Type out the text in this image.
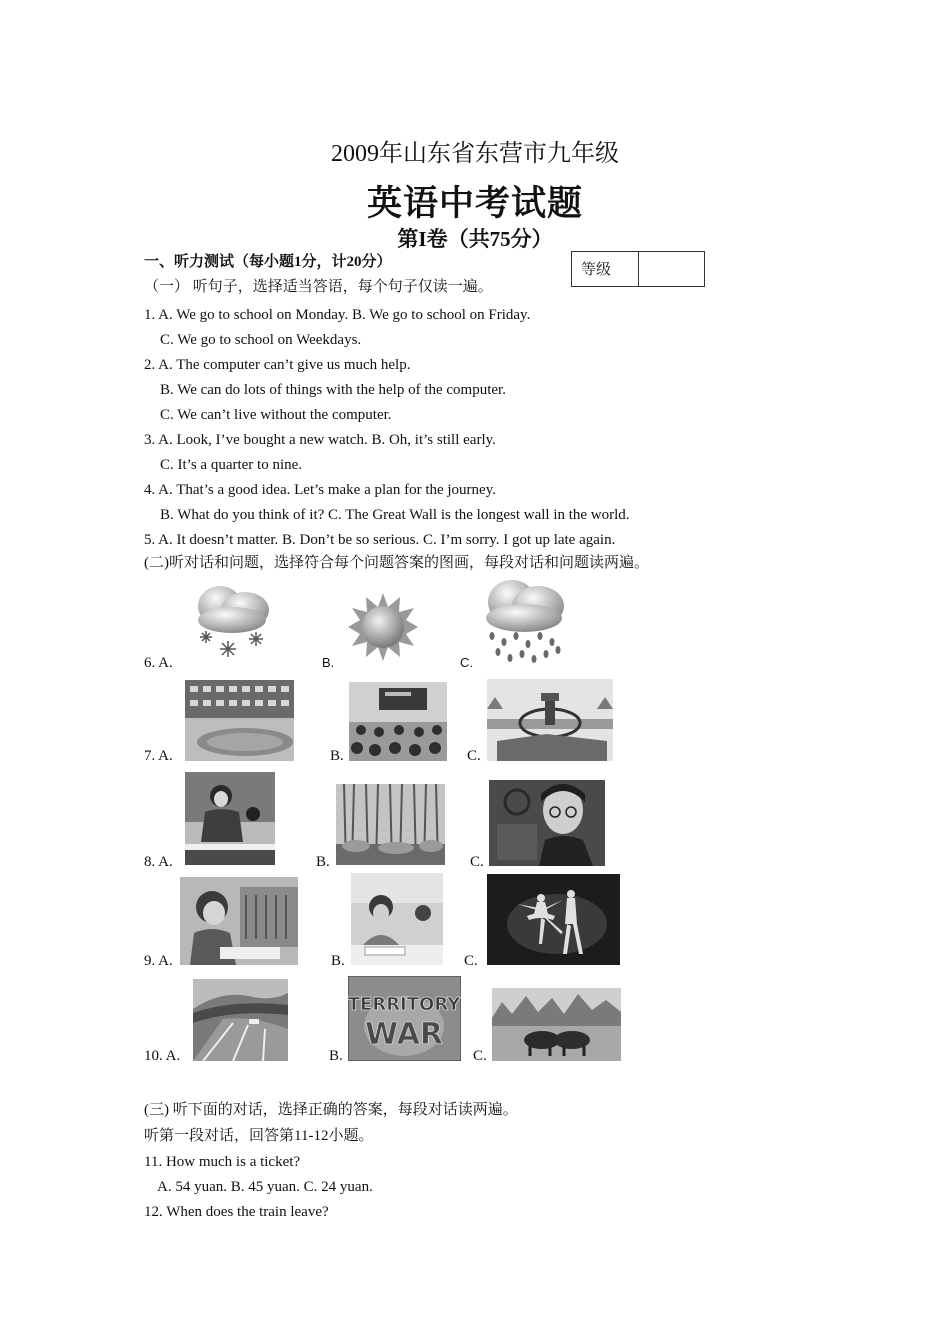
2009年山东省东营市九年级
英语中考试题
第I卷（共75分）
等级
一、听力测试（每小题1分，计20分）
（一） 听句子，选择适当答语，每个句子仅读一遍。
1. A. We go to school on Monday. B. We go to school on Friday.
C. We go to school on Weekdays.
2. A. The computer can’t give us much help.
B. We can do lots of things with the help of the computer.
C. We can’t live without the computer.
3. A. Look, I’ve bought a new watch. B. Oh, it’s still early.
C. It’s a quarter to nine.
4. A. That’s a good idea. Let’s make a plan for the journey.
B. What do you think of it? C. The Great Wall is the longest wall in the world.
5. A. It doesn’t matter. B. Don’t be so serious. C. I’m sorry. I got up late again.
(二)听对话和问题，选择符合每个问题答案的图画，每段对话和问题读两遍。
6. A.	B.	C.
7. A.	B.	C.
8. A.	B.	C.
9. A.	B.	C.
10. A.	B.
TERRITORY
WAR
C.
(三) 听下面的对话，选择正确的答案，每段对话读两遍。
听第一段对话，回答第11-12小题。
11. How much is a ticket?
A. 54 yuan. B. 45 yuan. C. 24 yuan.
12. When does the train leave?
